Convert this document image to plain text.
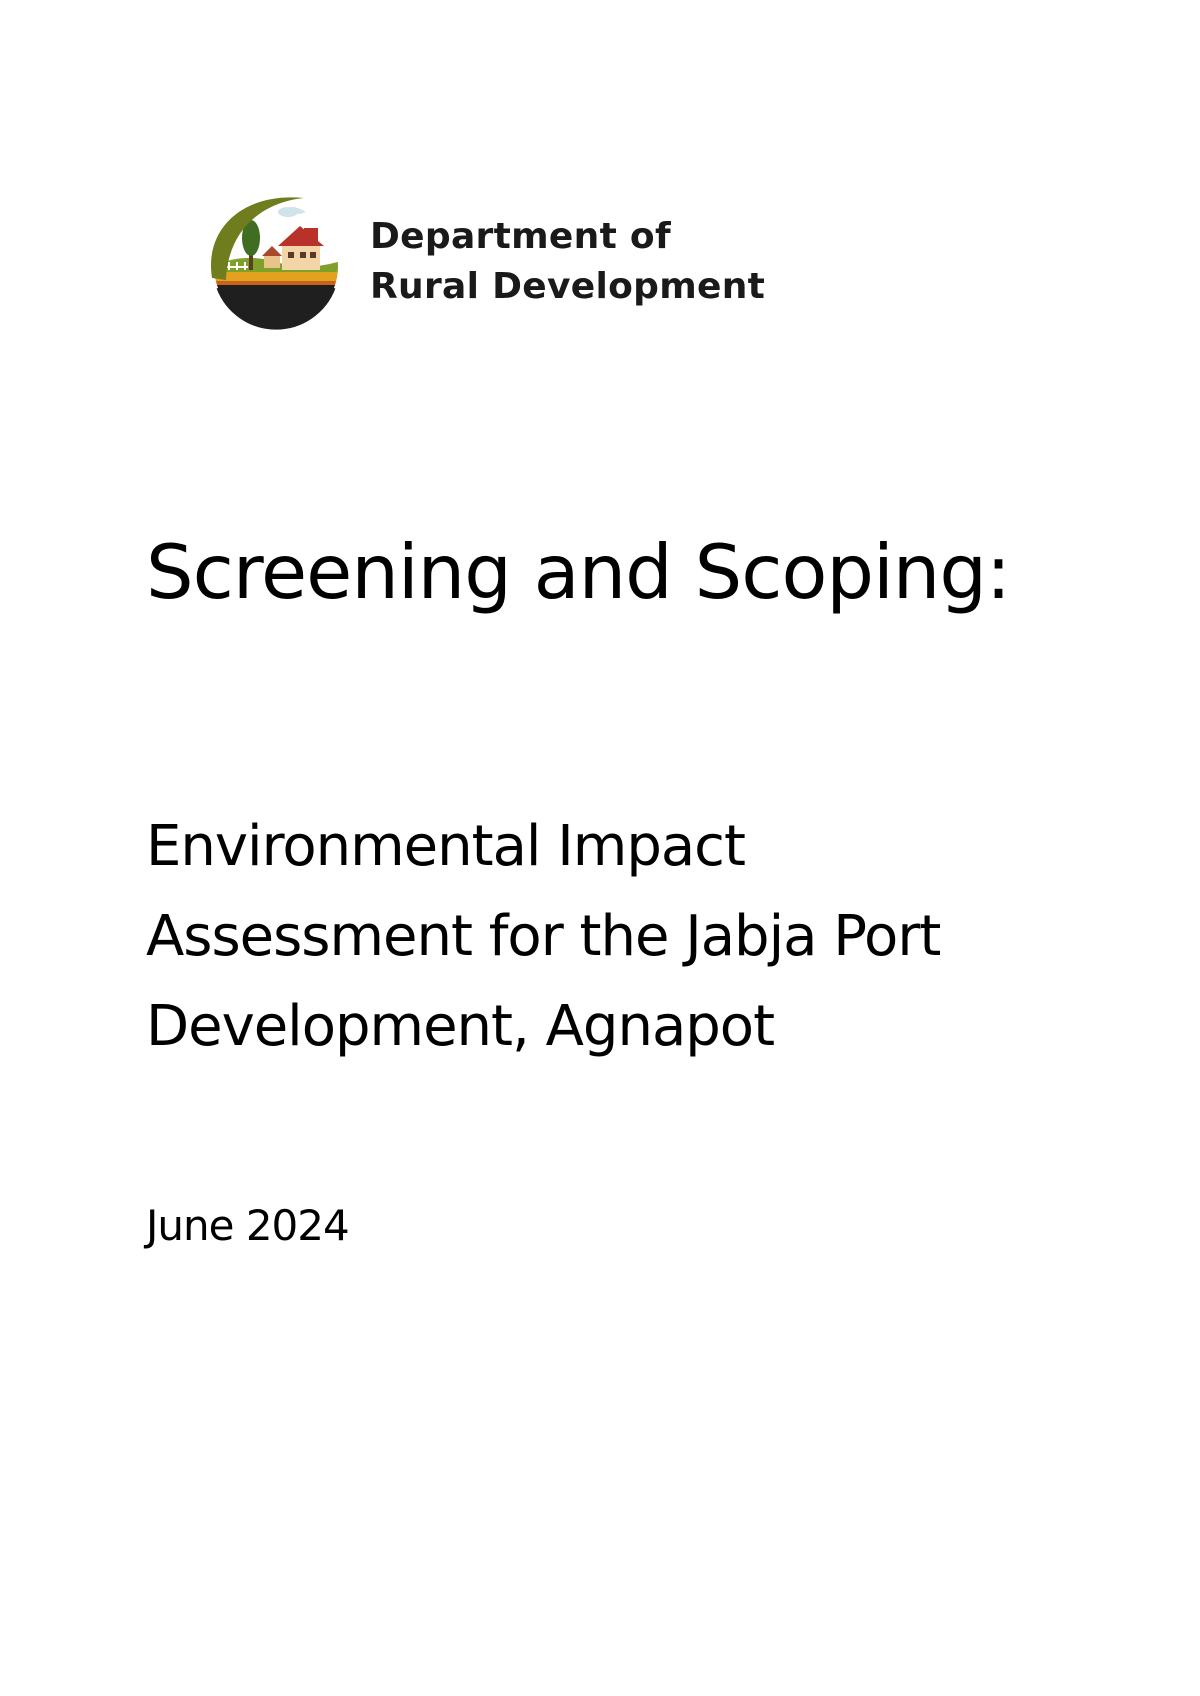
Department of
Rural Development
Screening and Scoping:
Environmental Impact
Assessment for the Jabja Port
Development, Agnapot

June 2024
